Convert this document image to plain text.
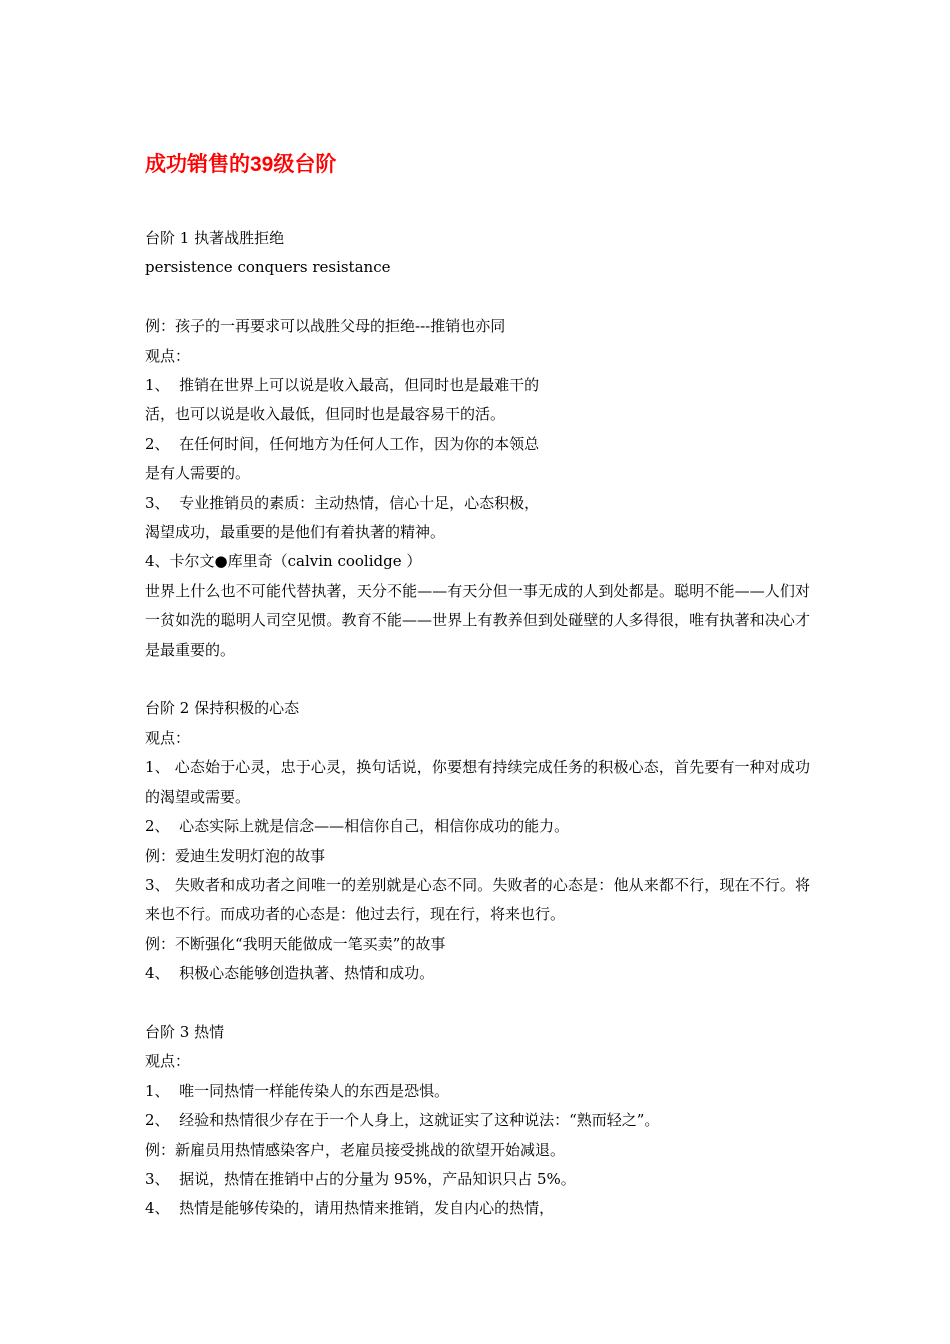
成功销售的39级台阶

台阶 1 执著战胜拒绝

persistence conquers resistance

例：孩子的一再要求可以战胜父母的拒绝---推销也亦同

观点：

1、  推销在世界上可以说是收入最高，但同时也是最难干的

活，也可以说是收入最低，但同时也是最容易干的活。

2、  在任何时间，任何地方为任何人工作，因为你的本领总

是有人需要的。

3、  专业推销员的素质：主动热情，信心十足，心态积极，

渴望成功，最重要的是他们有着执著的精神。

4、卡尔文●库里奇（calvin coolidge ）

世界上什么也不可能代替执著，天分不能——有天分但一事无成的人到处都是。聪明不能——人们对一贫如洗的聪明人司空见惯。教育不能——世界上有教养但到处碰壁的人多得很，唯有执著和决心才是最重要的。

台阶 2 保持积极的心态

观点：

1、 心态始于心灵，忠于心灵，换句话说，你要想有持续完成任务的积极心态，首先要有一种对成功的渴望或需要。

2、  心态实际上就是信念——相信你自己，相信你成功的能力。

例：爱迪生发明灯泡的故事

3、 失败者和成功者之间唯一的差别就是心态不同。失败者的心态是：他从来都不行，现在不行。将来也不行。而成功者的心态是：他过去行，现在行，将来也行。

例：不断强化“我明天能做成一笔买卖”的故事

4、  积极心态能够创造执著、热情和成功。

台阶 3 热情

观点：

1、  唯一同热情一样能传染人的东西是恐惧。

2、  经验和热情很少存在于一个人身上，这就证实了这种说法：“熟而轻之”。

例：新雇员用热情感染客户，老雇员接受挑战的欲望开始减退。

3、  据说，热情在推销中占的分量为 95%，产品知识只占 5%。

4、  热情是能够传染的，请用热情来推销，发自内心的热情，
